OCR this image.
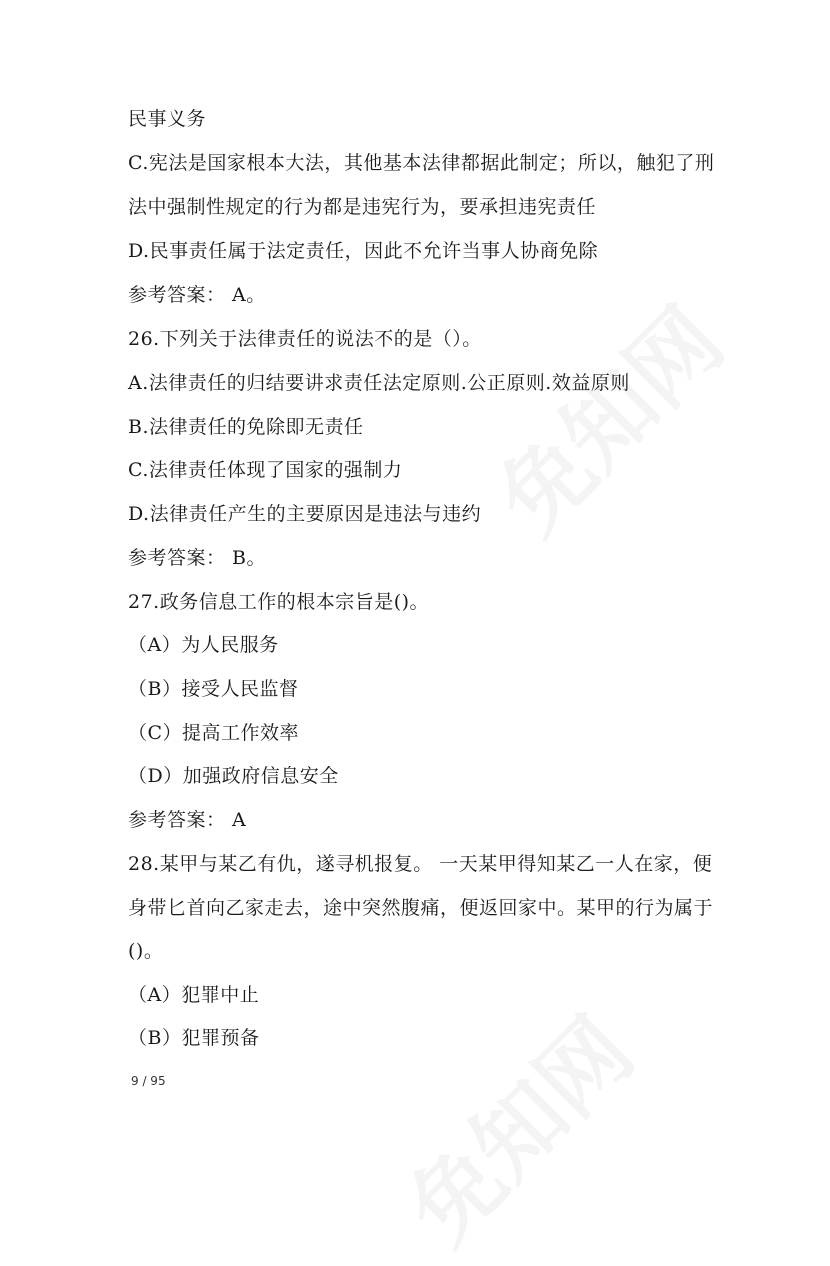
民事义务
C.宪法是国家根本大法，其他基本法律都据此制定；所以，触犯了刑
法中强制性规定的行为都是违宪行为，要承担违宪责任
D.民事责任属于法定责任，因此不允许当事人协商免除
参考答案： A。
26.下列关于法律责任的说法不的是（）。
A.法律责任的归结要讲求责任法定原则.公正原则.效益原则
B.法律责任的免除即无责任
C.法律责任体现了国家的强制力
D.法律责任产生的主要原因是违法与违约
参考答案： B。
27.政务信息工作的根本宗旨是()。
（A）为人民服务
（B）接受人民监督
（C）提高工作效率
（D）加强政府信息安全
参考答案： A
28.某甲与某乙有仇，遂寻机报复。 一天某甲得知某乙一人在家，便
身带匕首向乙家走去，途中突然腹痛，便返回家中。某甲的行为属于
()。
（A）犯罪中止
（B）犯罪预备
9 / 95
